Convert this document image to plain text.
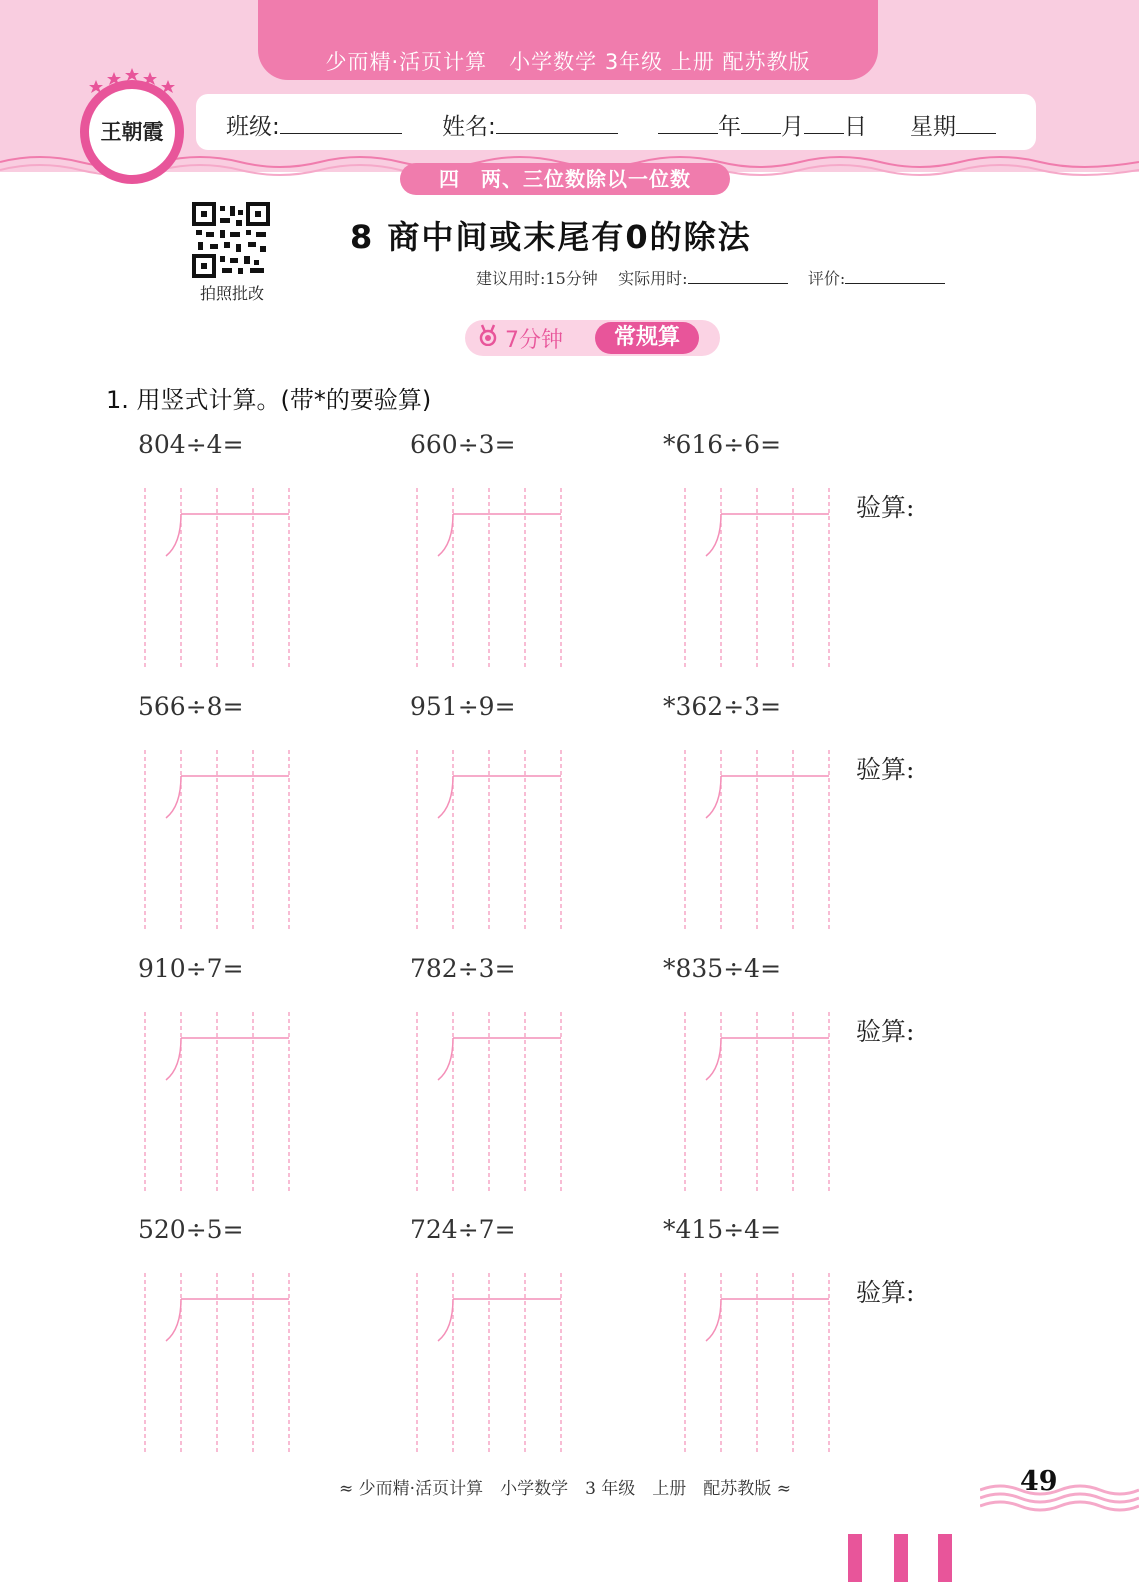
少而精·活页计算　小学数学 3年级 上册 配苏教版
王朝霞	班级:	姓名:	年 月 日 星期
四　两、三位数除以一位数
拍照批改
8 商中间或末尾有0的除法
建议用时:15分钟 实际用时:	评价:
7分钟	常规算
1. 用竖式计算。(带*的要验算)
804÷4=	660÷3=	*616÷6=
验算:
566÷8=	951÷9=	*362÷3=
验算:
910÷7=	782÷3=	*835÷4=
验算:
520÷5=	724÷7=	*415÷4=
验算:
≈ 少而精·活页计算　小学数学　3 年级　上册　配苏教版 ≈	49
